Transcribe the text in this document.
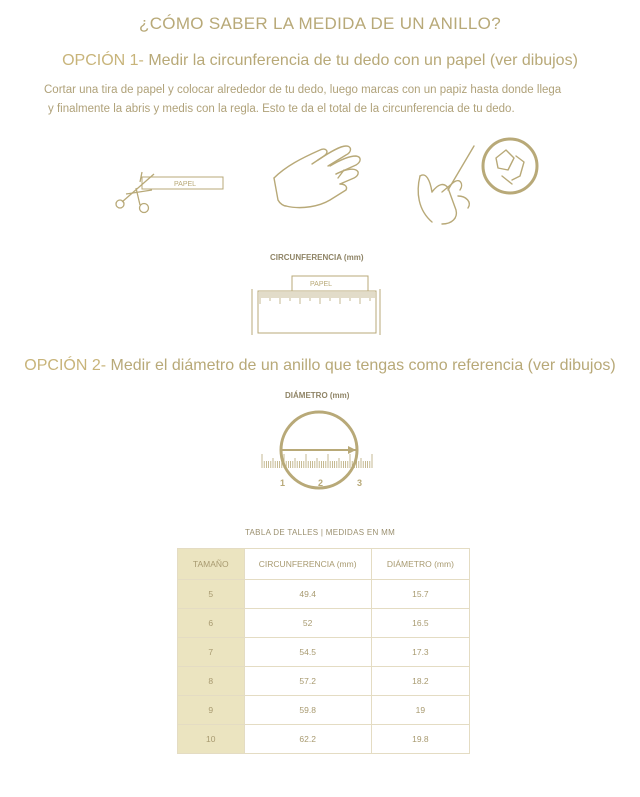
¿CÓMO SABER LA MEDIDA DE UN ANILLO?
OPCIÓN 1- Medir la circunferencia de tu dedo con un papel (ver dibujos)
Cortar una tira de papel y colocar alrededor de tu dedo, luego marcas con un papiz hasta donde llega
y finalmente la abris y medis con la regla. Esto te da el total de la circunferencia de tu dedo.
PAPEL
CIRCUNFERENCIA (mm)
PAPEL
OPCIÓN 2- Medir el diámetro de un anillo que tengas como referencia (ver dibujos)
DIÁMETRO (mm)
1	2	3
TABLA DE TALLES | MEDIDAS EN MM
TAMAÑO	CIRCUNFERENCIA (mm)	DIÁMETRO (mm)
5	49.4	15.7
6	52	16.5
7	54.5	17.3
8	57.2	18.2
9	59.8	19
10	62.2	19.8
